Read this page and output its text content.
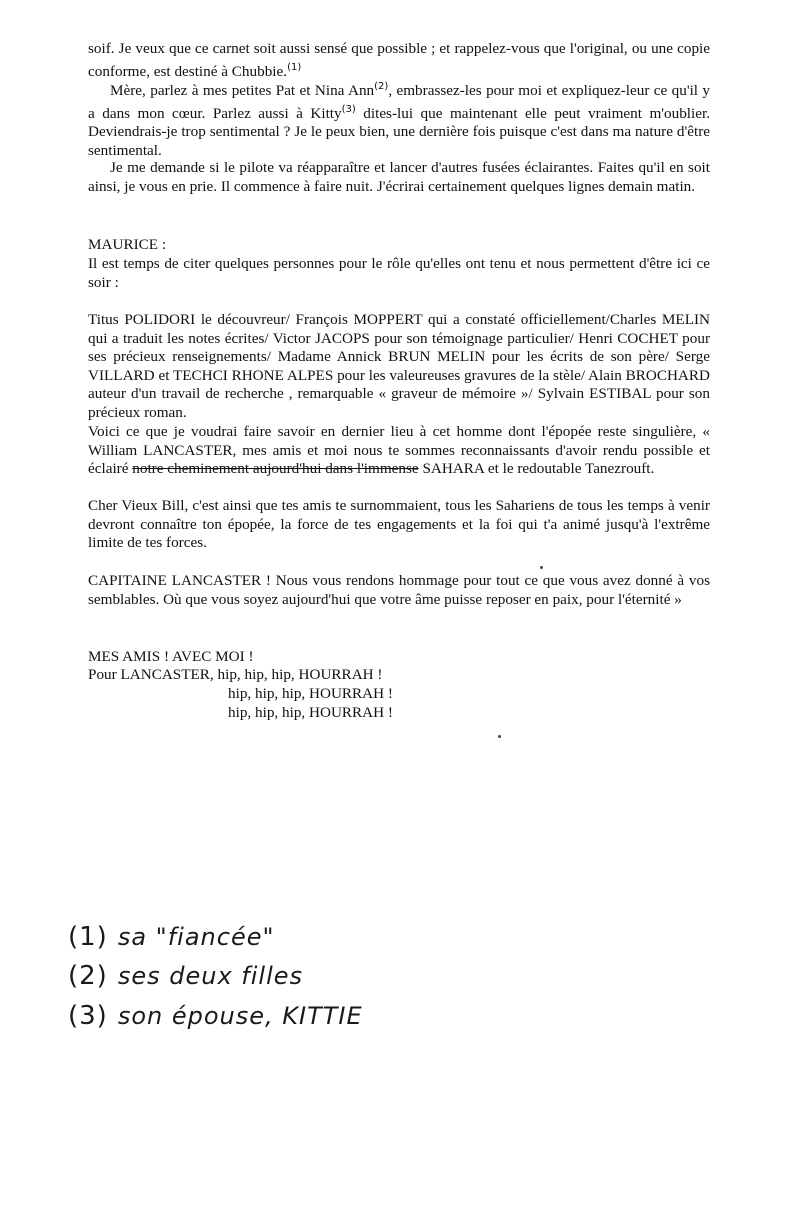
soif. Je veux que ce carnet soit aussi sensé que possible ; et rappelez-vous que l'original, ou une copie conforme, est destiné à Chubbie.$^{(1)}$

Mère, parlez à mes petites Pat et Nina Ann$^{(2)}$, embrassez-les pour moi et expliquez-leur ce qu'il y a dans mon cœur. Parlez aussi à Kitty$^{(3)}$ dites-lui que maintenant elle peut vraiment m'oublier. Deviendrais-je trop sentimental ? Je le peux bien, une dernière fois puisque c'est dans ma nature d'être sentimental.

Je me demande si le pilote va réapparaître et lancer d'autres fusées éclairantes. Faites qu'il en soit ainsi, je vous en prie. Il commence à faire nuit. J'écrirai certainement quelques lignes demain matin.

MAURICE :

Il est temps de citer quelques personnes pour le rôle qu'elles ont tenu et nous permettent d'être ici ce soir :

Titus POLIDORI le découvreur/ François MOPPERT qui a constaté officiellement/Charles MELIN qui a traduit les notes écrites/ Victor JACOPS pour son témoignage particulier/ Henri COCHET pour ses précieux renseignements/ Madame Annick BRUN MELIN pour les écrits de son père/ Serge VILLARD et TECHCI RHONE ALPES pour les valeureuses gravures de la stèle/ Alain BROCHARD auteur d'un travail de recherche , remarquable « graveur de mémoire »/ Sylvain ESTIBAL pour son précieux roman.

Voici ce que je voudrai faire savoir en dernier lieu à cet homme dont l'épopée reste singulière, « William LANCASTER, mes amis et moi nous te sommes reconnaissants d'avoir rendu possible et éclairé notre cheminement aujourd'hui dans l'immense SAHARA et le redoutable Tanezrouft.

Cher Vieux Bill, c'est ainsi que tes amis te surnommaient, tous les Sahariens de tous les temps à venir devront connaître ton épopée, la force de tes engagements et la foi qui t'a animé jusqu'à l'extrême limite de tes forces.

CAPITAINE LANCASTER ! Nous vous rendons hommage pour tout ce que vous avez donné à vos semblables. Où que vous soyez aujourd'hui que votre âme puisse reposer en paix, pour l'éternité »

MES AMIS ! AVEC MOI !
Pour LANCASTER, hip, hip, hip, HOURRAH !
hip, hip, hip, HOURRAH !
hip, hip, hip, HOURRAH !
(1) sa "fiancée"
(2) ses deux filles
(3) son épouse, KITTIE
